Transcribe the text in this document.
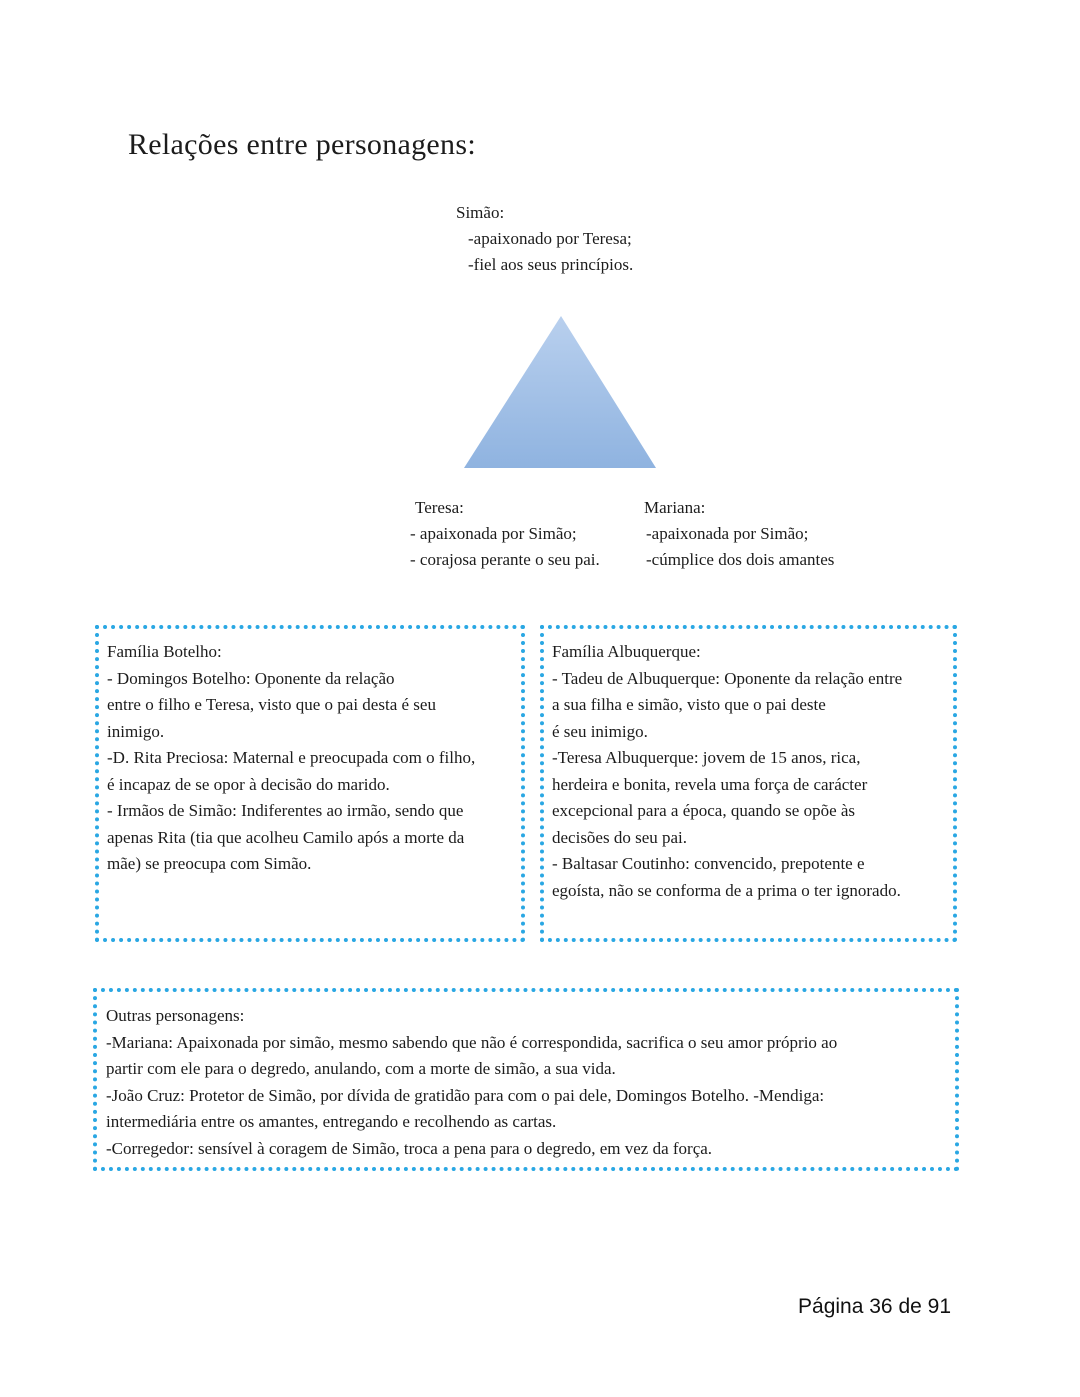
Relações entre personagens:
Simão:
-apaixonado por Teresa;
-fiel aos seus princípios.
Teresa:
- apaixonada por Simão;
- corajosa perante o seu pai.
Mariana:
-apaixonada por Simão;
-cúmplice dos dois amantes
Família Botelho:
- Domingos Botelho: Oponente da relação
entre o filho e Teresa, visto que o pai desta é seu
inimigo.
-D. Rita Preciosa: Maternal e preocupada com o filho,
é incapaz de se opor à decisão do marido.
- Irmãos de Simão: Indiferentes ao irmão, sendo que
apenas Rita (tia que acolheu Camilo após a morte da
mãe) se preocupa com Simão.
Família Albuquerque:
- Tadeu de Albuquerque: Oponente da relação entre
a sua filha e simão, visto que o pai deste
é seu inimigo.
-Teresa Albuquerque: jovem de 15 anos, rica,
herdeira e bonita, revela uma força de carácter
excepcional para a época, quando se opõe às
decisões do seu pai.
- Baltasar Coutinho: convencido, prepotente e
egoísta, não se conforma de a prima o ter ignorado.
Outras personagens:
-Mariana: Apaixonada por simão, mesmo sabendo que não é correspondida, sacrifica o seu amor próprio ao
partir com ele para o degredo, anulando, com a morte de simão, a sua vida.
-João Cruz: Protetor de Simão, por dívida de gratidão para com o pai dele, Domingos Botelho. -Mendiga:
intermediária entre os amantes, entregando e recolhendo as cartas.
-Corregedor: sensível à coragem de Simão, troca a pena para o degredo, em vez da força.
Página 36 de 91
